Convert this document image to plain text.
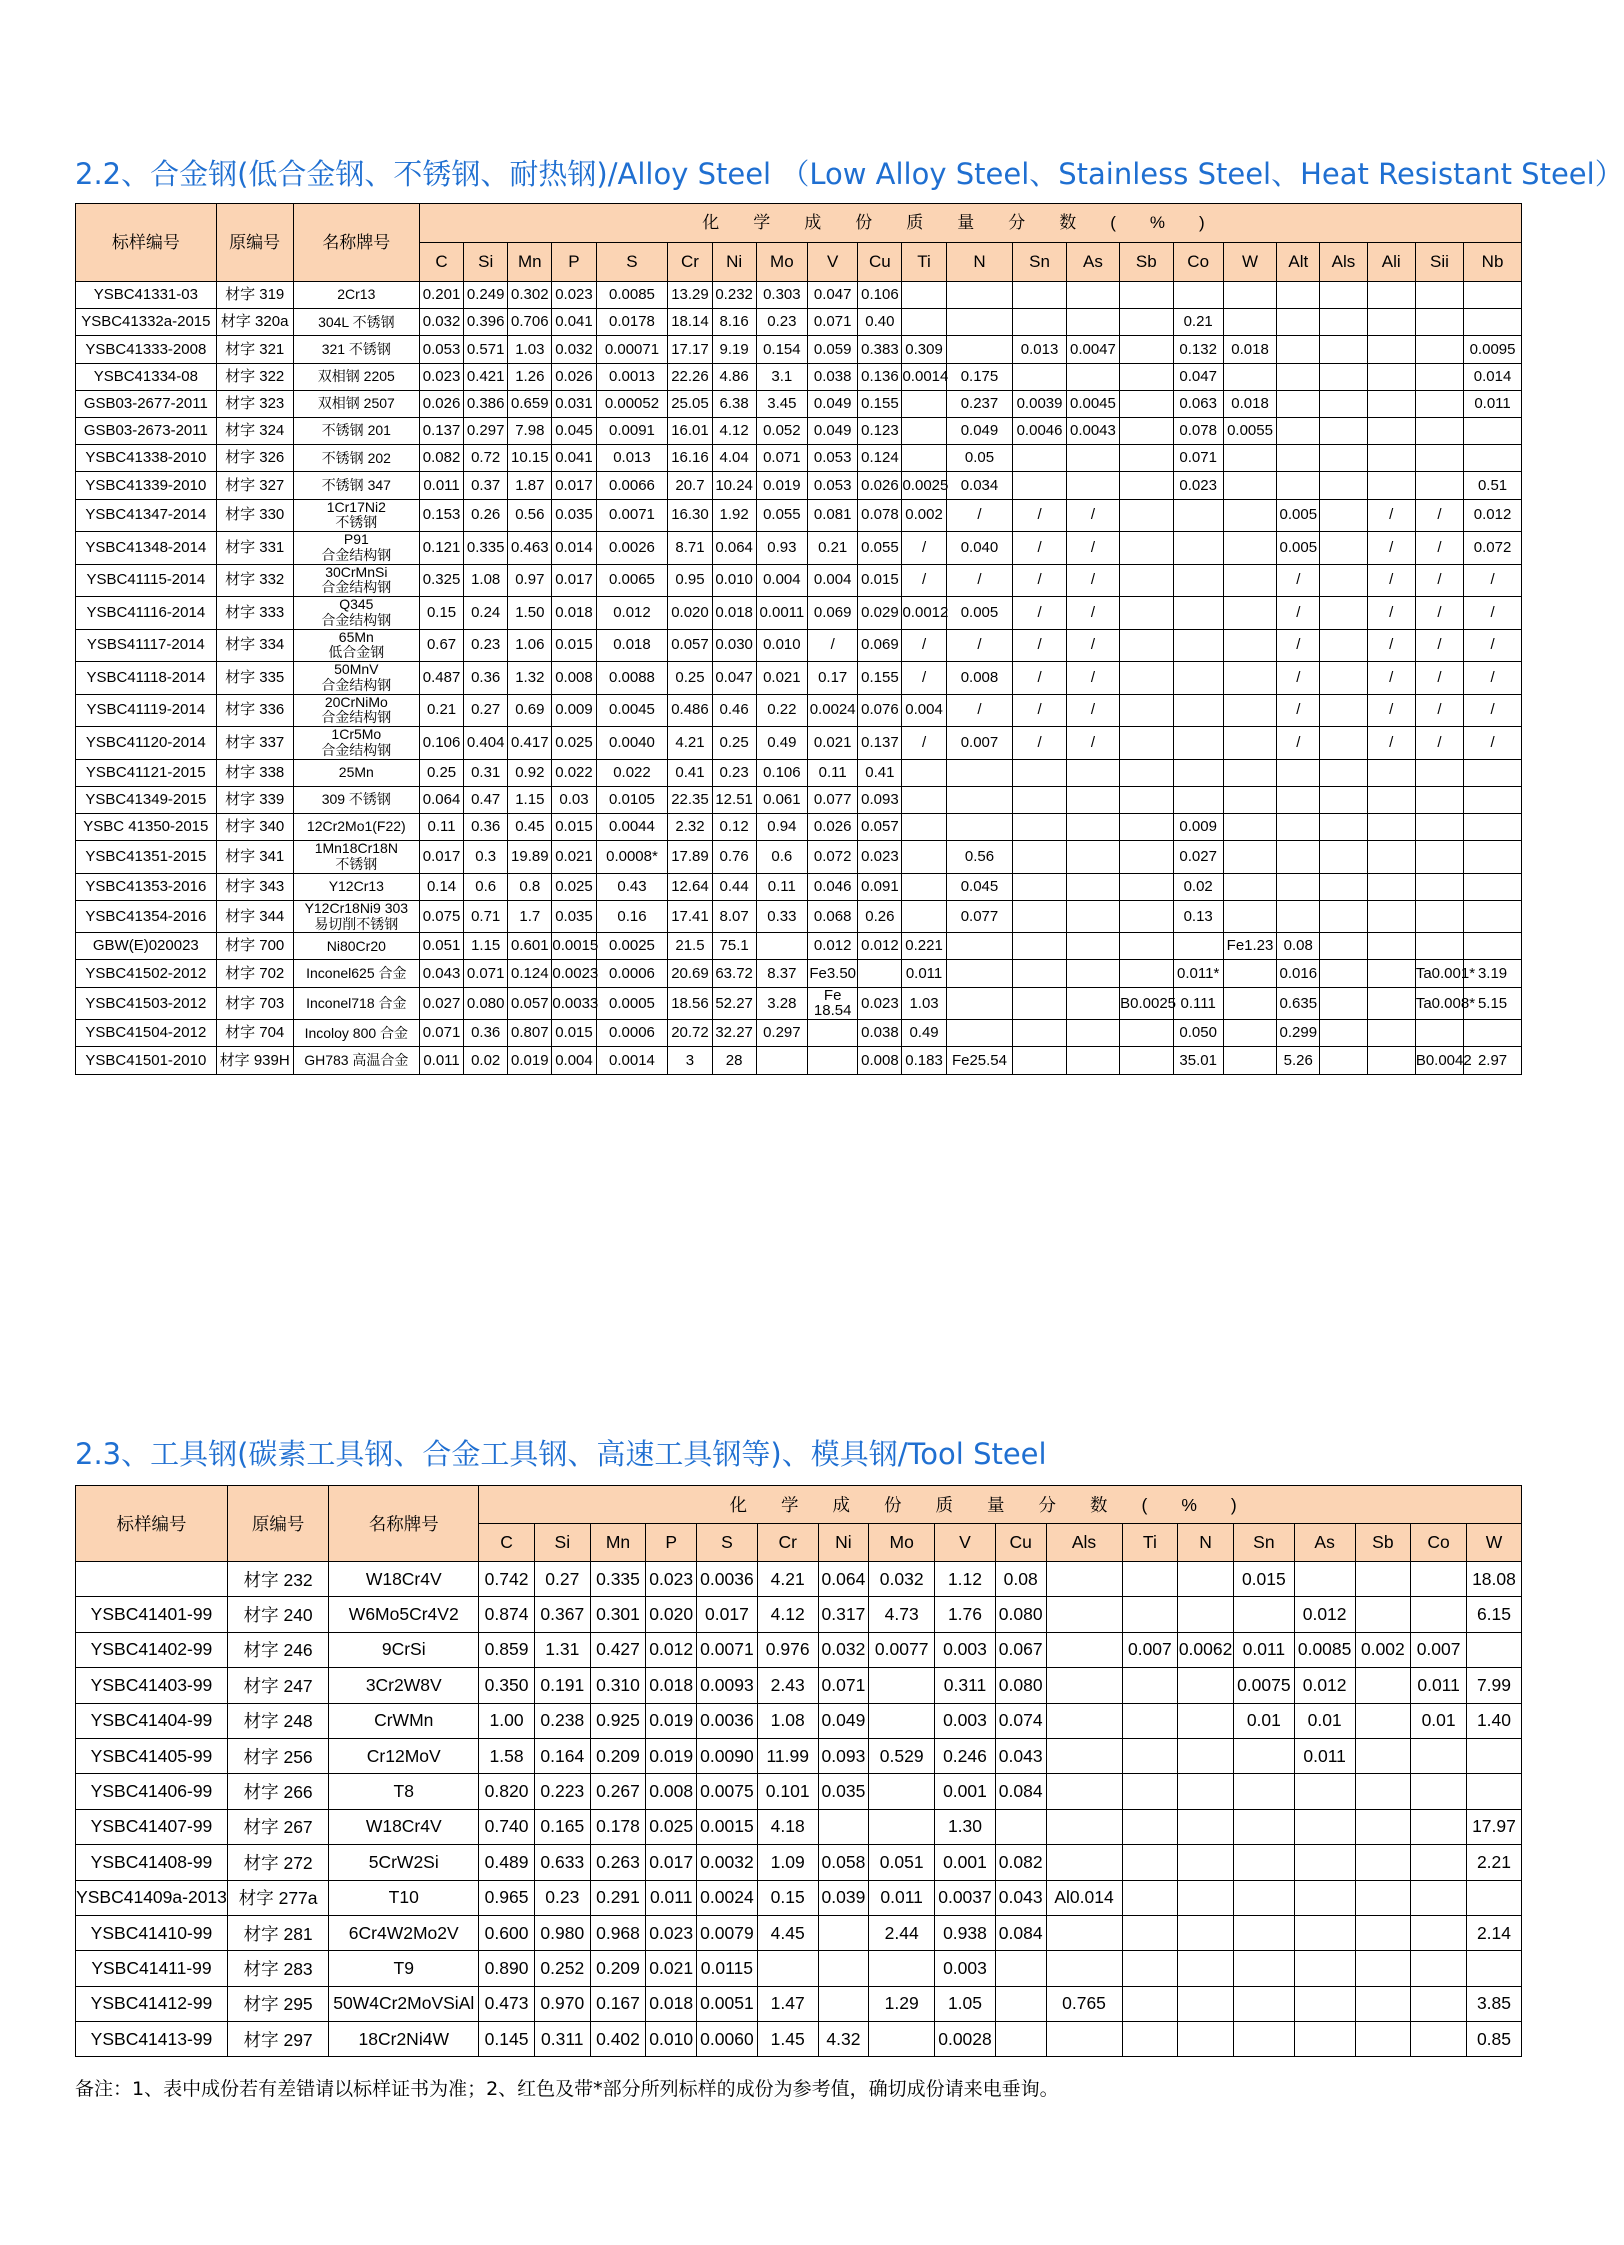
2.2、合金钢(低合金钢、不锈钢、耐热钢)/Alloy Steel （Low Alloy Steel、Stainless Steel、Heat Resistant Steel）
标样编号	原编号	名称牌号	化学成份质量分数(%)																					
			C	Si	Mn	P	S	Cr	Ni	Mo	V	Cu	Ti	N	Sn	As	Sb	Co	W	Alt	Als	Ali	Sii	Nb
YSBC41331-03	材字 319	2Cr13	0.201	0.249	0.302	0.023	0.0085	13.29	0.232	0.303	0.047	0.106												
YSBC41332a-2015	材字 320a	304L 不锈钢	0.032	0.396	0.706	0.041	0.0178	18.14	8.16	0.23	0.071	0.40						0.21						
YSBC41333-2008	材字 321	321 不锈钢	0.053	0.571	1.03	0.032	0.00071	17.17	9.19	0.154	0.059	0.383	0.309		0.013	0.0047		0.132	0.018					0.0095
YSBC41334-08	材字 322	双相钢 2205	0.023	0.421	1.26	0.026	0.0013	22.26	4.86	3.1	0.038	0.136	0.0014	0.175				0.047						0.014
GSB03-2677-2011	材字 323	双相钢 2507	0.026	0.386	0.659	0.031	0.00052	25.05	6.38	3.45	0.049	0.155		0.237	0.0039	0.0045		0.063	0.018					0.011
GSB03-2673-2011	材字 324	不锈钢 201	0.137	0.297	7.98	0.045	0.0091	16.01	4.12	0.052	0.049	0.123		0.049	0.0046	0.0043		0.078	0.0055					
YSBC41338-2010	材字 326	不锈钢 202	0.082	0.72	10.15	0.041	0.013	16.16	4.04	0.071	0.053	0.124		0.05				0.071						
YSBC41339-2010	材字 327	不锈钢 347	0.011	0.37	1.87	0.017	0.0066	20.7	10.24	0.019	0.053	0.026	0.0025	0.034				0.023						0.51
YSBC41347-2014	材字 330	1Cr17Ni2
不锈钢	0.153	0.26	0.56	0.035	0.0071	16.30	1.92	0.055	0.081	0.078	0.002	/	/	/				0.005		/	/	0.012
YSBC41348-2014	材字 331	P91
合金结构钢	0.121	0.335	0.463	0.014	0.0026	8.71	0.064	0.93	0.21	0.055	/	0.040	/	/				0.005		/	/	0.072
YSBC41115-2014	材字 332	30CrMnSi
合金结构钢	0.325	1.08	0.97	0.017	0.0065	0.95	0.010	0.004	0.004	0.015	/	/	/	/				/		/	/	/
YSBC41116-2014	材字 333	Q345
合金结构钢	0.15	0.24	1.50	0.018	0.012	0.020	0.018	0.0011	0.069	0.029	0.0012	0.005	/	/				/		/	/	/
YSBS41117-2014	材字 334	65Mn
低合金钢	0.67	0.23	1.06	0.015	0.018	0.057	0.030	0.010	/	0.069	/	/	/	/				/		/	/	/
YSBC41118-2014	材字 335	50MnV
合金结构钢	0.487	0.36	1.32	0.008	0.0088	0.25	0.047	0.021	0.17	0.155	/	0.008	/	/				/		/	/	/
YSBC41119-2014	材字 336	20CrNiMo
合金结构钢	0.21	0.27	0.69	0.009	0.0045	0.486	0.46	0.22	0.0024	0.076	0.004	/	/	/				/		/	/	/
YSBC41120-2014	材字 337	1Cr5Mo
合金结构钢	0.106	0.404	0.417	0.025	0.0040	4.21	0.25	0.49	0.021	0.137	/	0.007	/	/				/		/	/	/
YSBC41121-2015	材字 338	25Mn	0.25	0.31	0.92	0.022	0.022	0.41	0.23	0.106	0.11	0.41												
YSBC41349-2015	材字 339	309 不锈钢	0.064	0.47	1.15	0.03	0.0105	22.35	12.51	0.061	0.077	0.093												
YSBC 41350-2015	材字 340	12Cr2Mo1(F22)	0.11	0.36	0.45	0.015	0.0044	2.32	0.12	0.94	0.026	0.057						0.009						
YSBC41351-2015	材字 341	1Mn18Cr18N
不锈钢	0.017	0.3	19.89	0.021	0.0008*	17.89	0.76	0.6	0.072	0.023		0.56				0.027						
YSBC41353-2016	材字 343	Y12Cr13	0.14	0.6	0.8	0.025	0.43	12.64	0.44	0.11	0.046	0.091		0.045				0.02						
YSBC41354-2016	材字 344	Y12Cr18Ni9 303
易切削不锈钢	0.075	0.71	1.7	0.035	0.16	17.41	8.07	0.33	0.068	0.26		0.077				0.13						
GBW(E)020023	材字 700	Ni80Cr20	0.051	1.15	0.601	0.0015	0.0025	21.5	75.1		0.012	0.012	0.221						Fe1.23	0.08				
YSBC41502-2012	材字 702	Inconel625 合金	0.043	0.071	0.124	0.0023	0.0006	20.69	63.72	8.37	Fe3.50		0.011					0.011*		0.016			Ta0.001*	3.19
YSBC41503-2012	材字 703	Inconel718 合金	0.027	0.080	0.057	0.0033	0.0005	18.56	52.27	3.28	Fe
18.54	0.023	1.03				B0.0025	0.111		0.635			Ta0.008*	5.15
YSBC41504-2012	材字 704	Incoloy 800 合金	0.071	0.36	0.807	0.015	0.0006	20.72	32.27	0.297		0.038	0.49					0.050		0.299				
YSBC41501-2010	材字 939H	GH783 高温合金	0.011	0.02	0.019	0.004	0.0014	3	28			0.008	0.183	Fe25.54				35.01		5.26			B0.0042	2.97
2.3、工具钢(碳素工具钢、合金工具钢、高速工具钢等)、模具钢/Tool Steel
标样编号	原编号	名称牌号	化学成份质量分数(%)																	
			C	Si	Mn	P	S	Cr	Ni	Mo	V	Cu	Als	Ti	N	Sn	As	Sb	Co	W
	材字 232	W18Cr4V	0.742	0.27	0.335	0.023	0.0036	4.21	0.064	0.032	1.12	0.08				0.015				18.08
YSBC41401-99	材字 240	W6Mo5Cr4V2	0.874	0.367	0.301	0.020	0.017	4.12	0.317	4.73	1.76	0.080					0.012			6.15
YSBC41402-99	材字 246	9CrSi	0.859	1.31	0.427	0.012	0.0071	0.976	0.032	0.0077	0.003	0.067		0.007	0.0062	0.011	0.0085	0.002	0.007	
YSBC41403-99	材字 247	3Cr2W8V	0.350	0.191	0.310	0.018	0.0093	2.43	0.071		0.311	0.080				0.0075	0.012		0.011	7.99
YSBC41404-99	材字 248	CrWMn	1.00	0.238	0.925	0.019	0.0036	1.08	0.049		0.003	0.074				0.01	0.01		0.01	1.40
YSBC41405-99	材字 256	Cr12MoV	1.58	0.164	0.209	0.019	0.0090	11.99	0.093	0.529	0.246	0.043					0.011			
YSBC41406-99	材字 266	T8	0.820	0.223	0.267	0.008	0.0075	0.101	0.035		0.001	0.084								
YSBC41407-99	材字 267	W18Cr4V	0.740	0.165	0.178	0.025	0.0015	4.18			1.30									17.97
YSBC41408-99	材字 272	5CrW2Si	0.489	0.633	0.263	0.017	0.0032	1.09	0.058	0.051	0.001	0.082								2.21
YSBC41409a-2013	材字 277a	T10	0.965	0.23	0.291	0.011	0.0024	0.15	0.039	0.011	0.0037	0.043	Al0.014							
YSBC41410-99	材字 281	6Cr4W2Mo2V	0.600	0.980	0.968	0.023	0.0079	4.45		2.44	0.938	0.084								2.14
YSBC41411-99	材字 283	T9	0.890	0.252	0.209	0.021	0.0115				0.003									
YSBC41412-99	材字 295	50W4Cr2MoVSiAl	0.473	0.970	0.167	0.018	0.0051	1.47		1.29	1.05		0.765							3.85
YSBC41413-99	材字 297	18Cr2Ni4W	0.145	0.311	0.402	0.010	0.0060	1.45	4.32		0.0028									0.85
备注：1、表中成份若有差错请以标样证书为准；2、红色及带*部分所列标样的成份为参考值，确切成份请来电垂询。
